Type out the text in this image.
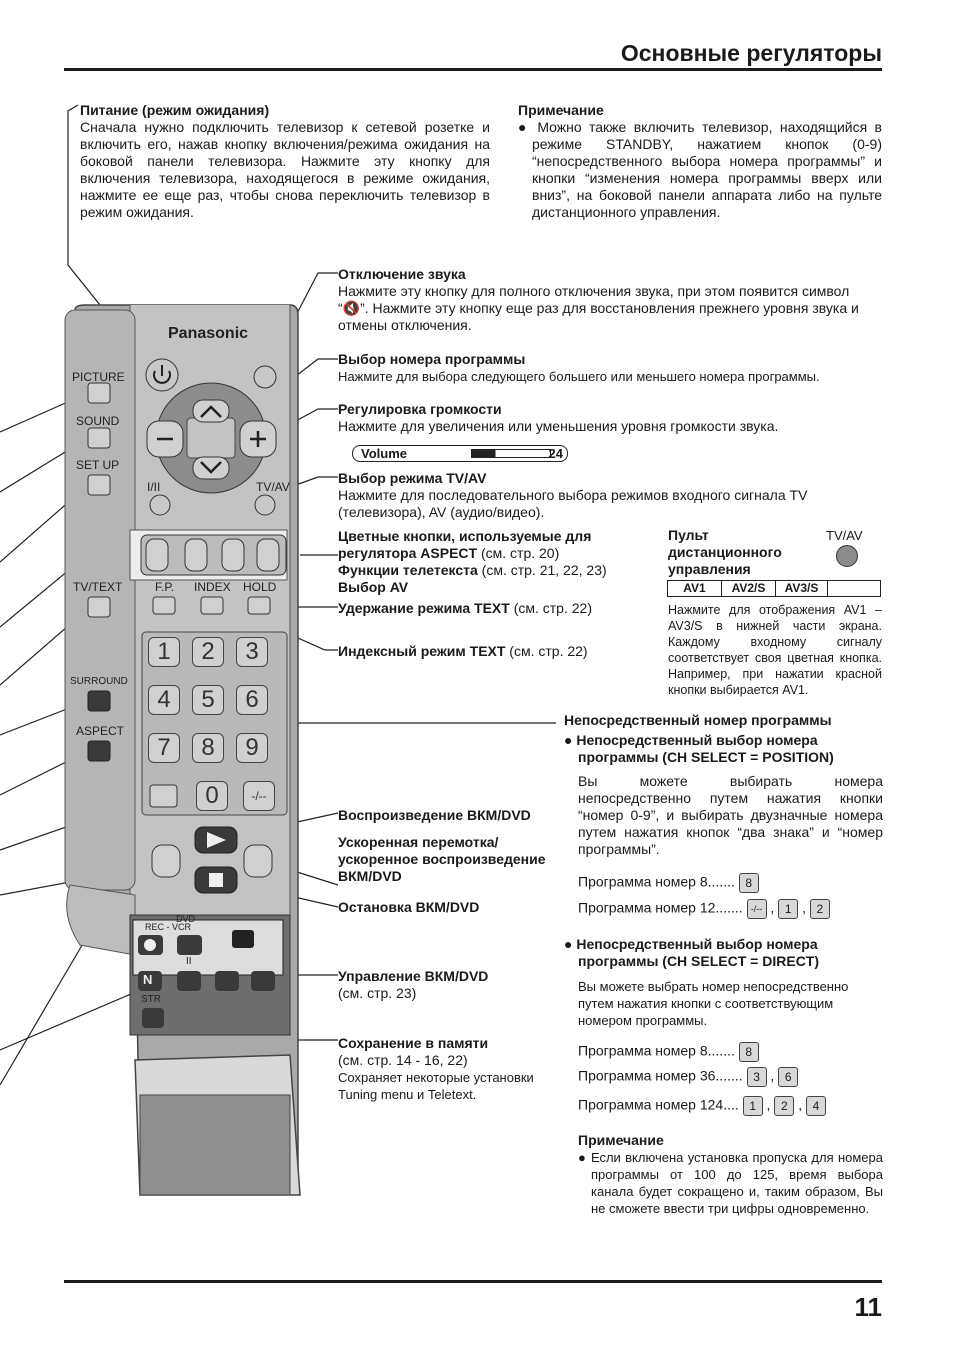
Основные регуляторы
Panasonic
PICTURE
SOUND
SET UP
TV/TEXT
SURROUND
ASPECT
I/II	TV/AV
F.P. INDEX HOLD
DVD
REC - VCR
II
N
STR
1	2	3
4	5	6
7	8	9
0	-/--
Питание (режим ожидания)
Сначала нужно подключить телевизор к сетевой розетке и включить его, нажав кнопку включения/режима ожидания на боковой панели телевизора. Нажмите эту кнопку для включения телевизора, находящегося в режиме ожидания, нажмите ее еще раз, чтобы снова переключить телевизор в режим ожидания.
Примечание
● Можно также включить телевизор, находящийся в режиме STANDBY, нажатием кнопок (0-9) “непосредственного выбора номера программы” и кнопки “изменения номера программы вверх или вниз”, на боковой панели аппарата либо на пульте дистанционного управления.
Отключение звука
Нажмите эту кнопку для полного отключения звука, при этом появится символ “🔇”. Нажмите эту кнопку еще раз для восстановления прежнего уровня звука и отмены отключения.
Выбор номера программы
Нажмите для выбора следующего большего или меньшего номера программы.
Регулировка громкости
Нажмите для увеличения или уменьшения уровня громкости звука.
Volume	24
Выбор режима TV/AV
Нажмите для последовательного выбора режимов входного сигнала TV (телевизора), AV (аудио/видео).
Цветные кнопки, используемые для
регулятора ASPECT (см. стр. 20)
Функции телетекста (см. стр. 21, 22, 23)
Выбор AV
Удержание режима TEXT (см. стр. 22)
Индексный режим TEXT (см. стр. 22)
Пульт дистанционного управления
TV/AV
AV1	AV2/S	AV3/S
Нажмите для отображения AV1 – AV3/S в нижней части экрана. Каждому входному сигналу соответствует своя цветная кнопка. Например, при нажатии красной кнопки выбирается AV1.
Непосредственный номер программы
● Непосредственный выбор номера программы (CH SELECT = POSITION)
Вы можете выбирать номера непосредственно путем нажатия кнопки “номер 0-9”, и выбирать двузначные номера путем нажатия кнопок “два знака” и “номер программы”.
Программа номер 8....... 8
Программа номер 12....... -/-- , 1 , 2
● Непосредственный выбор номера программы (CH SELECT = DIRECT)
Вы можете выбрать номер непосредственно путем нажатия кнопки с соответствующим номером программы.
Программа номер 8....... 8
Программа номер 36....... 3 , 6
Программа номер 124.... 1 , 2 , 4
Воспроизведение ВКМ/DVD
Ускоренная перемотка/ ускоренное воспроизведение ВКМ/DVD
Остановка ВКМ/DVD
Управление ВКМ/DVD
(см. стр. 23)
Сохранение в памяти
(см. стр. 14 - 16, 22)
Сохраняет некоторые установки Tuning menu и Teletext.
Примечание
● Если включена установка пропуска для номера программы от 100 до 125, время выбора канала будет сокращено и, таким образом, Вы не сможете ввести три цифры одновременно.
11
